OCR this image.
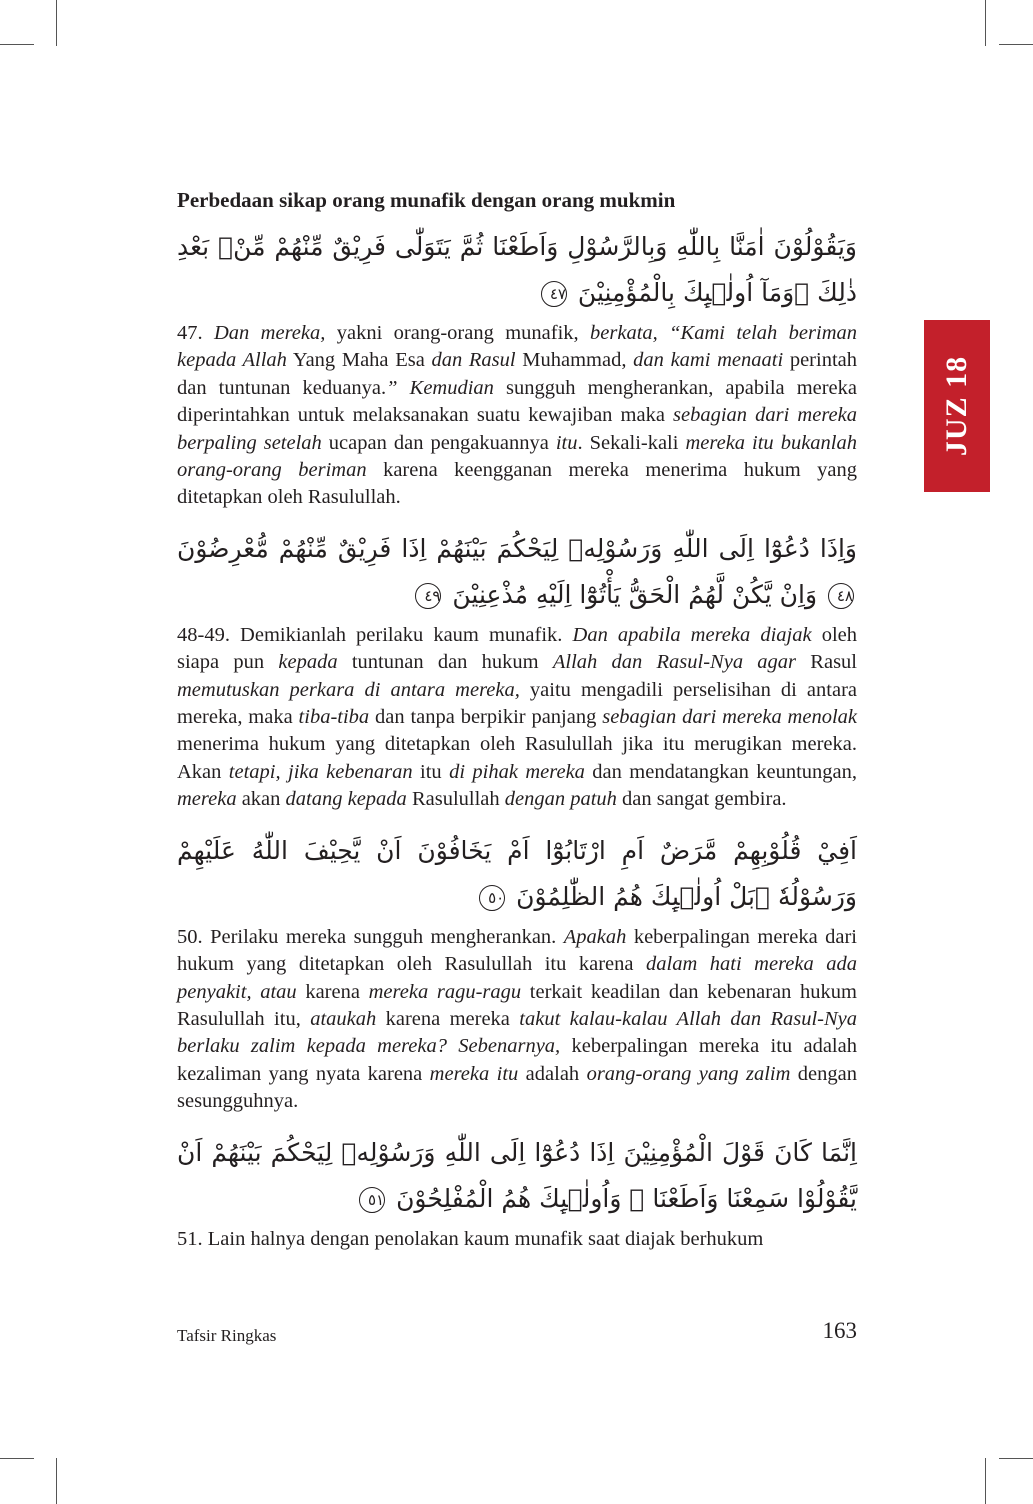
Perbedaan sikap orang munafik dengan orang mukmin

وَيَقُوْلُوْنَ اٰمَنَّا بِاللّٰهِ وَبِالرَّسُوْلِ وَاَطَعْنَا ثُمَّ يَتَوَلّٰى فَرِيْقٌ مِّنْهُمْ مِّنْۢ بَعْدِ ذٰلِكَ ۗوَمَآ اُولٰۤىِٕكَ بِالْمُؤْمِنِيْنَ ٤٧

47. Dan mereka, yakni orang-orang munafik, berkata, “Kami telah beriman kepada Allah Yang Maha Esa dan Rasul Muhammad, dan kami menaati perintah dan tuntunan keduanya.” Kemudian sungguh mengherankan, apabila mereka diperintahkan untuk melaksanakan suatu kewajiban maka sebagian dari mereka berpaling setelah ucapan dan pengakuannya itu. Sekali-kali mereka itu bukanlah orang-orang beriman karena keengganan mereka menerima hukum yang ditetapkan oleh Rasulullah.

وَاِذَا دُعُوْٓا اِلَى اللّٰهِ وَرَسُوْلِهٖ لِيَحْكُمَ بَيْنَهُمْ اِذَا فَرِيْقٌ مِّنْهُمْ مُّعْرِضُوْنَ ٤٨ وَاِنْ يَّكُنْ لَّهُمُ الْحَقُّ يَأْتُوْٓا اِلَيْهِ مُذْعِنِيْنَ ٤٩

48-49. Demikianlah perilaku kaum munafik. Dan apabila mereka diajak oleh siapa pun kepada tuntunan dan hukum Allah dan Rasul-Nya agar Rasul memutuskan perkara di antara mereka, yaitu mengadili perselisihan di antara mereka, maka tiba-tiba dan tanpa berpikir panjang sebagian dari mereka menolak menerima hukum yang ditetapkan oleh Rasulullah jika itu merugikan mereka. Akan tetapi, jika kebenaran itu di pihak mereka dan mendatangkan keuntungan, mereka akan datang kepada Rasulullah dengan patuh dan sangat gembira.

اَفِيْ قُلُوْبِهِمْ مَّرَضٌ اَمِ ارْتَابُوْٓا اَمْ يَخَافُوْنَ اَنْ يَّحِيْفَ اللّٰهُ عَلَيْهِمْ وَرَسُوْلُهٗ ۗبَلْ اُولٰۤىِٕكَ هُمُ الظّٰلِمُوْنَ ٥٠

50. Perilaku mereka sungguh mengherankan. Apakah keberpalingan mereka dari hukum yang ditetapkan oleh Rasulullah itu karena dalam hati mereka ada penyakit, atau karena mereka ragu-ragu terkait keadilan dan kebenaran hukum Rasulullah itu, ataukah karena mereka takut kalau-kalau Allah dan Rasul-Nya berlaku zalim kepada mereka? Sebenarnya, keberpalingan mereka itu adalah kezaliman yang nyata karena mereka itu adalah orang-orang yang zalim dengan sesungguhnya.

اِنَّمَا كَانَ قَوْلَ الْمُؤْمِنِيْنَ اِذَا دُعُوْٓا اِلَى اللّٰهِ وَرَسُوْلِهٖ لِيَحْكُمَ بَيْنَهُمْ اَنْ يَّقُوْلُوْا سَمِعْنَا وَاَطَعْنَا ۗ وَاُولٰۤىِٕكَ هُمُ الْمُفْلِحُوْنَ ٥١

51. Lain halnya dengan penolakan kaum munafik saat diajak berhukum

JUZ 18
Tafsir Ringkas	163
